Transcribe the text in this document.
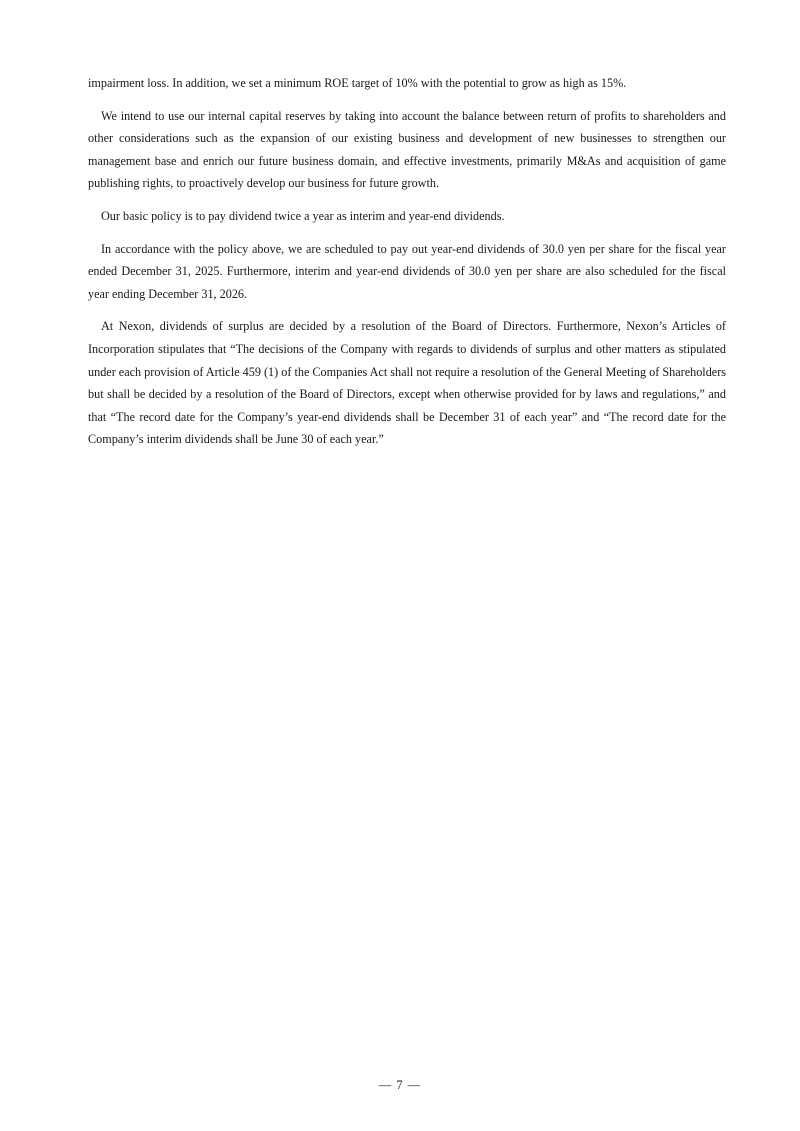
impairment loss. In addition, we set a minimum ROE target of 10% with the potential to grow as high as 15%.

We intend to use our internal capital reserves by taking into account the balance between return of profits to shareholders and other considerations such as the expansion of our existing business and development of new businesses to strengthen our management base and enrich our future business domain, and effective investments, primarily M&As and acquisition of game publishing rights, to proactively develop our business for future growth.

Our basic policy is to pay dividend twice a year as interim and year-end dividends.

In accordance with the policy above, we are scheduled to pay out year-end dividends of 30.0 yen per share for the fiscal year ended December 31, 2025. Furthermore, interim and year-end dividends of 30.0 yen per share are also scheduled for the fiscal year ending December 31, 2026.

At Nexon, dividends of surplus are decided by a resolution of the Board of Directors. Furthermore, Nexon’s Articles of Incorporation stipulates that “The decisions of the Company with regards to dividends of surplus and other matters as stipulated under each provision of Article 459 (1) of the Companies Act shall not require a resolution of the General Meeting of Shareholders but shall be decided by a resolution of the Board of Directors, except when otherwise provided for by laws and regulations,” and that “The record date for the Company’s year-end dividends shall be December 31 of each year” and “The record date for the Company’s interim dividends shall be June 30 of each year.”

— 7 —
